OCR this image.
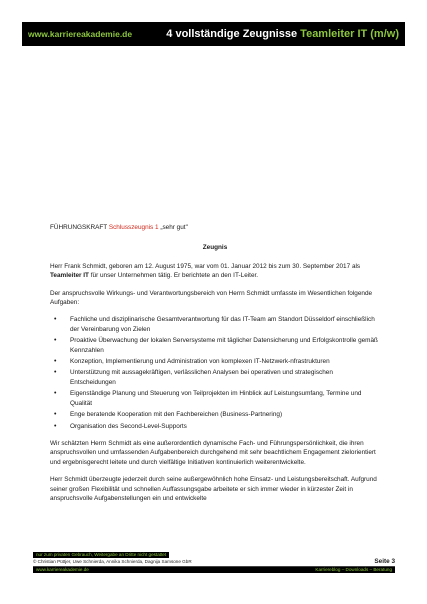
www.karriereakademie.de	4 vollständige Zeugnisse Teamleiter IT (m/w)
FÜHRUNGSKRAFT Schlusszeugnis 1 „sehr gut"
Zeugnis

Herr Frank Schmidt, geboren am 12. August 1975, war vom 01. Januar 2012 bis zum 30. September 2017 als Teamleiter IT für unser Unternehmen tätig. Er berichtete an den IT-Leiter.

Der anspruchsvolle Wirkungs- und Verantwortungsbereich von Herrn Schmidt umfasste im Wesentlichen folgende Aufgaben:

• Fachliche und disziplinarische Gesamtverantwortung für das IT-Team am Standort Düsseldorf einschließlich der Vereinbarung von Zielen
• Proaktive Überwachung der lokalen Serversysteme mit täglicher Datensicherung und Erfolgskontrolle gemäß Kennzahlen
• Konzeption, Implementierung und Administration von komplexen IT-Netzwerk-nfrastrukturen
• Unterstützung mit aussagekräftigen, verlässlichen Analysen bei operativen und strategischen Entscheidungen
• Eigenständige Planung und Steuerung von Teilprojekten im Hinblick auf Leistungsumfang, Termine und Qualität
• Enge beratende Kooperation mit den Fachbereichen (Business-Partnering)
• Organisation des Second-Level-Supports

Wir schätzten Herrn Schmidt als eine außerordentlich dynamische Fach- und Führungspersönlichkeit, die ihren anspruchsvollen und umfassenden Aufgabenbereich durchgehend mit sehr beachtlichem Engagement zielorientiert und ergebnisgerecht leitete und durch vielfältige Initiativen kontinuierlich weiterentwickelte.

Herr Schmidt überzeugte jederzeit durch seine außergewöhnlich hohe Einsatz- und Leistungsbereitschaft. Aufgrund seiner großen Flexibilität und schnellen Auffassungsgabe arbeitete er sich immer wieder in kürzester Zeit in anspruchsvolle Aufgabenstellungen ein und entwickelte

nur zum privaten Gebrauch, Weitergabe an Dritte nicht gestattet
© Christian Püttjer, Uwe Schnierda, Annika Schnierda, Dagnija Samsone GbR	Seite 3
www.karriereakademie.de	Karriereblog – Downloads – Beratung
